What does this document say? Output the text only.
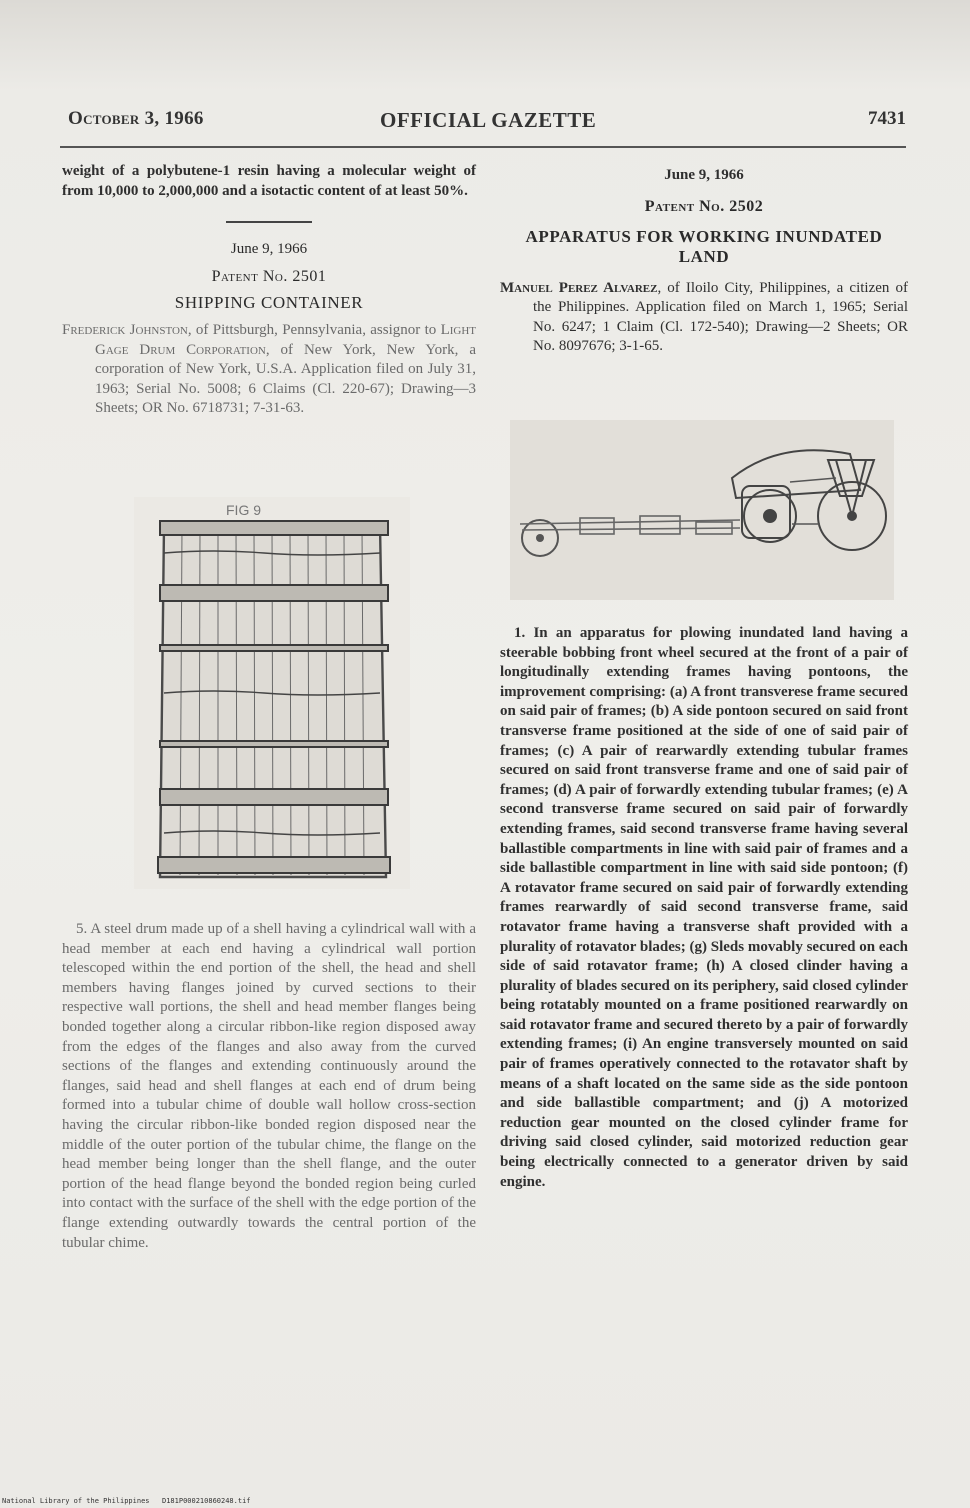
October 3, 1966	OFFICIAL GAZETTE	7431

weight of a polybutene-1 resin having a molecular weight of from 10,000 to 2,000,000 and a isotactic content of at least 50%.

June 9, 1966

Patent No. 2501

SHIPPING CONTAINER

Frederick Johnston, of Pittsburgh, Pennsylvania, assignor to Light Gage Drum Corporation, of New York, New York, a corporation of New York, U.S.A. Application filed on July 31, 1963; Serial No. 5008; 6 Claims (Cl. 220-67); Drawing—3 Sheets; OR No. 6718731; 7-31-63.

FIG 9

5. A steel drum made up of a shell having a cylindrical wall with a head member at each end having a cylindrical wall portion telescoped within the end portion of the shell, the head and shell members having flanges joined by curved sections to their respective wall portions, the shell and head member flanges being bonded together along a circular ribbon-like region disposed away from the edges of the flanges and also away from the curved sections of the flanges and extending continuously around the flanges, said head and shell flanges at each end of drum being formed into a tubular chime of double wall hollow cross-section having the circular ribbon-like bonded region disposed near the middle of the outer portion of the tubular chime, the flange on the head member being longer than the shell flange, and the outer portion of the head flange beyond the bonded region being curled into contact with the surface of the shell with the edge portion of the flange extending outwardly towards the central portion of the tubular chime.

June 9, 1966

Patent No. 2502

APPARATUS FOR WORKING INUNDATED LAND

Manuel Perez Alvarez, of Iloilo City, Philippines, a citizen of the Philippines. Application filed on March 1, 1965; Serial No. 6247; 1 Claim (Cl. 172-540); Drawing—2 Sheets; OR No. 8097676; 3-1-65.

1. In an apparatus for plowing inundated land having a steerable bobbing front wheel secured at the front of a pair of longitudinally extending frames having pontoons, the improvement comprising: (a) A front transverese frame secured on said pair of frames; (b) A side pontoon secured on said front transverse frame positioned at the side of one of said pair of frames; (c) A pair of rearwardly extending tubular frames secured on said front transverse frame and one of said pair of frames; (d) A pair of forwardly extending tubular frames; (e) A second transverse frame secured on said pair of forwardly extending frames, said second transverse frame having several ballastible compartments in line with said pair of frames and a side ballastible compartment in line with said side pontoon; (f) A rotavator frame secured on said pair of forwardly extending frames rearwardly of said second transverse frame, said rotavator frame having a transverse shaft provided with a plurality of rotavator blades; (g) Sleds movably secured on each side of said rotavator frame; (h) A closed clinder having a plurality of blades secured on its periphery, said closed cylinder being rotatably mounted on a frame positioned rearwardly on said rotavator frame and secured thereto by a pair of forwardly extending frames; (i) An engine transversely mounted on said pair of frames operatively connected to the rotavator shaft by means of a shaft located on the same side as the side pontoon and side ballastible compartment; and (j) A motorized reduction gear mounted on the closed cylinder frame for driving said closed cylinder, said motorized reduction gear being electrically connected to a generator driven by said engine.

National Library of the Philippines D181P000210860248.tif
